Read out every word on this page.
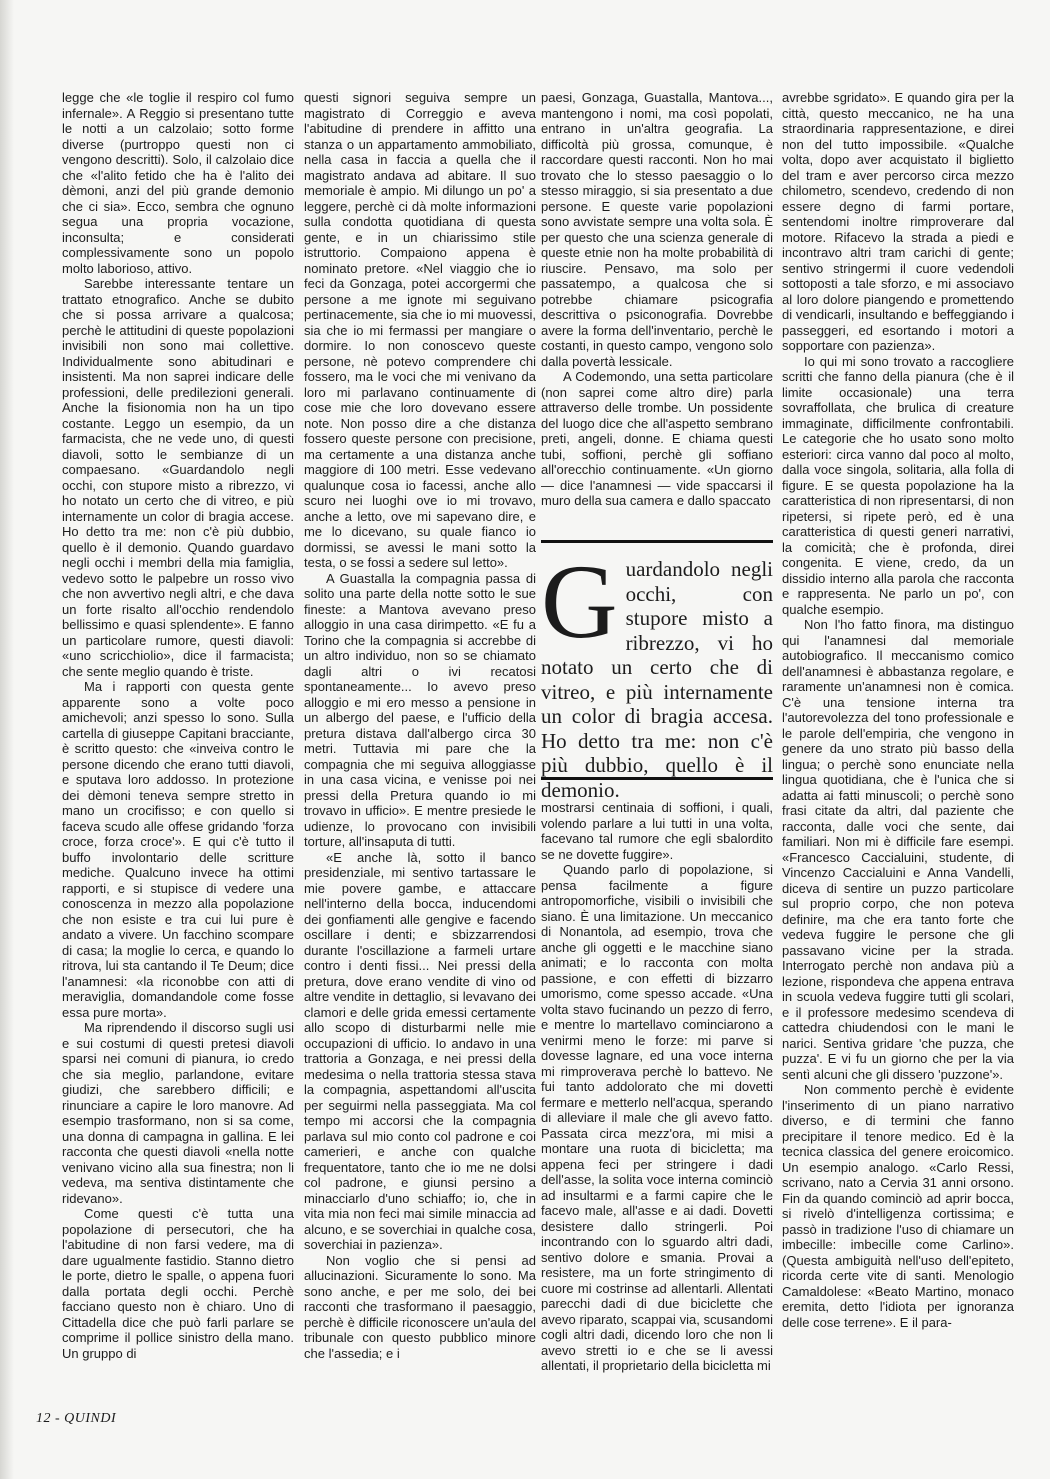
legge che «le toglie il respiro col fumo infernale». A Reggio si presentano tutte le notti a un calzolaio; sotto forme diverse (purtroppo questi non ci vengono descritti). Solo, il calzolaio dice che «l'alito fetido che ha è l'alito dei dèmoni, anzi del più grande demonio che ci sia». Ecco, sembra che ognuno segua una propria vocazione, inconsulta; e considerati complessivamente sono un popolo molto laborioso, attivo.

Sarebbe interessante tentare un trattato etnografico. Anche se dubito che si possa arrivare a qualcosa; perchè le attitudini di queste popolazioni invisibili non sono mai collettive. Individualmente sono abitudinari e insistenti. Ma non saprei indicare delle professioni, delle predilezioni generali. Anche la fisionomia non ha un tipo costante. Leggo un esempio, da un farmacista, che ne vede uno, di questi diavoli, sotto le sembianze di un compaesano. «Guardandolo negli occhi, con stupore misto a ribrezzo, vi ho notato un certo che di vitreo, e più internamente un color di bragia accese. Ho detto tra me: non c'è più dubbio, quello è il demonio. Quando guardavo negli occhi i membri della mia famiglia, vedevo sotto le palpebre un rosso vivo che non avvertivo negli altri, e che dava un forte risalto all'occhio rendendolo bellissimo e quasi splendente». E fanno un particolare rumore, questi diavoli: «uno scricchiolio», dice il farmacista; che sente meglio quando è triste.

Ma i rapporti con questa gente apparente sono a volte poco amichevoli; anzi spesso lo sono. Sulla cartella di giuseppe Capitani bracciante, è scritto questo: che «inveiva contro le persone dicendo che erano tutti diavoli, e sputava loro addosso. In protezione dei dèmoni teneva sempre stretto in mano un crocifisso; e con quello si faceva scudo alle offese gridando 'forza croce, forza croce'». E qui c'è tutto il buffo involontario delle scritture mediche. Qualcuno invece ha ottimi rapporti, e si stupisce di vedere una conoscenza in mezzo alla popolazione che non esiste e tra cui lui pure è andato a vivere. Un facchino scompare di casa; la moglie lo cerca, e quando lo ritrova, lui sta cantando il Te Deum; dice l'anamnesi: «la riconobbe con atti di meraviglia, domandandole come fosse essa pure morta».

Ma riprendendo il discorso sugli usi e sui costumi di questi pretesi diavoli sparsi nei comuni di pianura, io credo che sia meglio, parlandone, evitare giudizi, che sarebbero difficili; e rinunciare a capire le loro manovre. Ad esempio trasformano, non si sa come, una donna di campagna in gallina. E lei racconta che questi diavoli «nella notte venivano vicino alla sua finestra; non li vedeva, ma sentiva distintamente che ridevano».

Come questi c'è tutta una popolazione di persecutori, che ha l'abitudine di non farsi vedere, ma di dare ugualmente fastidio. Stanno dietro le porte, dietro le spalle, o appena fuori dalla portata degli occhi. Perchè facciano questo non è chiaro. Uno di Cittadella dice che può farli parlare se comprime il pollice sinistro della mano. Un gruppo di

questi signori seguiva sempre un magistrato di Correggio e aveva l'abitudine di prendere in affitto una stanza o un appartamento ammobiliato, nella casa in faccia a quella che il magistrato andava ad abitare. Il suo memoriale è ampio. Mi dilungo un po' a leggere, perchè ci dà molte informazioni sulla condotta quotidiana di questa gente, e in un chiarissimo stile istruttorio. Compaiono appena è nominato pretore. «Nel viaggio che io feci da Gonzaga, potei accorgermi che persone a me ignote mi seguivano pertinacemente, sia che io mi muovessi, sia che io mi fermassi per mangiare o dormire. Io non conoscevo queste persone, nè potevo comprendere chi fossero, ma le voci che mi venivano da loro mi parlavano continuamente di cose mie che loro dovevano essere note. Non posso dire a che distanza fossero queste persone con precisione, ma certamente a una distanza anche maggiore di 100 metri. Esse vedevano qualunque cosa io facessi, anche allo scuro nei luoghi ove io mi trovavo, anche a letto, ove mi sapevano dire, e me lo dicevano, su quale fianco io dormissi, se avessi le mani sotto la testa, o se fossi a sedere sul letto».

A Guastalla la compagnia passa di solito una parte della notte sotto le sue fineste: a Mantova avevano preso alloggio in una casa dirimpetto. «E fu a Torino che la compagnia si accrebbe di un altro individuo, non so se chiamato dagli altri o ivi recatosi spontaneamente... Io avevo preso alloggio e mi ero messo a pensione in un albergo del paese, e l'ufficio della pretura distava dall'albergo circa 30 metri. Tuttavia mi pare che la compagnia che mi seguiva alloggiasse in una casa vicina, e venisse poi nei pressi della Pretura quando io mi trovavo in ufficio». E mentre presiede le udienze, lo provocano con invisibili torture, all'insaputa di tutti.

«E anche là, sotto il banco presidenziale, mi sentivo tartassare le mie povere gambe, e attaccare nell'interno della bocca, inducendomi dei gonfiamenti alle gengive e facendo oscillare i denti; e sbizzarrendosi durante l'oscillazione a farmeli urtare contro i denti fissi... Nei pressi della pretura, dove erano vendite di vino od altre vendite in dettaglio, si levavano dei clamori e delle grida emessi certamente allo scopo di disturbarmi nelle mie occupazioni di ufficio. Io andavo in una trattoria a Gonzaga, e nei pressi della medesima o nella trattoria stessa stava la compagnia, aspettandomi all'uscita per seguirmi nella passeggiata. Ma col tempo mi accorsi che la compagnia parlava sul mio conto col padrone e coi camerieri, e anche con qualche frequentatore, tanto che io me ne dolsi col padrone, e giunsi persino a minacciarlo d'uno schiaffo; io, che in vita mia non feci mai simile minaccia ad alcuno, e se soverchiai in qualche cosa, soverchiai in pazienza».

Non voglio che si pensi ad allucinazioni. Sicuramente lo sono. Ma sono anche, e per me solo, dei bei racconti che trasformano il paesaggio, perchè è difficile riconoscere un'aula del tribunale con questo pubblico minore che l'assedia; e i

paesi, Gonzaga, Guastalla, Mantova..., mantengono i nomi, ma così popolati, entrano in un'altra geografia. La difficoltà più grossa, comunque, è raccordare questi racconti. Non ho mai trovato che lo stesso paesaggio o lo stesso miraggio, si sia presentato a due persone. E queste varie popolazioni sono avvistate sempre una volta sola. È per questo che una scienza generale di queste etnie non ha molte probabilità di riuscire. Pensavo, ma solo per passatempo, a qualcosa che si potrebbe chiamare psicografia descrittiva o psiconografia. Dovrebbe avere la forma dell'inventario, perchè le costanti, in questo campo, vengono solo dalla povertà lessicale.

A Codemondo, una setta particolare (non saprei come altro dire) parla attraverso delle trombe. Un possidente del luogo dice che all'aspetto sembrano preti, angeli, donne. E chiama questi tubi, soffioni, perchè gli soffiano all'orecchio continuamente. «Un giorno — dice l'anamnesi — vide spaccarsi il muro della sua camera e dallo spaccato

Guardandolo negli occhi, con stupore misto a ribrezzo, vi ho notato un certo che di vitreo, e più internamente un color di bragia accesa. Ho detto tra me: non c'è più dubbio, quello è il demonio.

mostrarsi centinaia di soffioni, i quali, volendo parlare a lui tutti in una volta, facevano tal rumore che egli sbalordito se ne dovette fuggire».

Quando parlo di popolazione, si pensa facilmente a figure antropomorfiche, visibili o invisibili che siano. È una limitazione. Un meccanico di Nonantola, ad esempio, trova che anche gli oggetti e le macchine siano animati; e lo racconta con molta passione, e con effetti di bizzarro umorismo, come spesso accade. «Una volta stavo fucinando un pezzo di ferro, e mentre lo martellavo cominciarono a venirmi meno le forze: mi parve si dovesse lagnare, ed una voce interna mi rimproverava perchè lo battevo. Ne fui tanto addolorato che mi dovetti fermare e metterlo nell'acqua, sperando di alleviare il male che gli avevo fatto. Passata circa mezz'ora, mi misi a montare una ruota di bicicletta; ma appena feci per stringere i dadi dell'asse, la solita voce interna cominciò ad insultarmi e a farmi capire che le facevo male, all'asse e ai dadi. Dovetti desistere dallo stringerli. Poi incontrando con lo sguardo altri dadi, sentivo dolore e smania. Provai a resistere, ma un forte stringimento di cuore mi costrinse ad allentarli. Allentati parecchi dadi di due biciclette che avevo riparato, scappai via, scusandomi cogli altri dadi, dicendo loro che non li avevo stretti io e che se li avessi allentati, il proprietario della bicicletta mi

avrebbe sgridato». E quando gira per la città, questo meccanico, ne ha una straordinaria rappresentazione, e direi non del tutto impossibile. «Qualche volta, dopo aver acquistato il biglietto del tram e aver percorso circa mezzo chilometro, scendevo, credendo di non essere degno di farmi portare, sentendomi inoltre rimproverare dal motore. Rifacevo la strada a piedi e incontravo altri tram carichi di gente; sentivo stringermi il cuore vedendoli sottoposti a tale sforzo, e mi associavo al loro dolore piangendo e promettendo di vendicarli, insultando e beffeggiando i passeggeri, ed esortando i motori a sopportare con pazienza».

Io qui mi sono trovato a raccogliere scritti che fanno della pianura (che è il limite occasionale) una terra sovraffollata, che brulica di creature immaginate, difficilmente confrontabili. Le categorie che ho usato sono molto esteriori: circa vanno dal poco al molto, dalla voce singola, solitaria, alla folla di figure. E se questa popolazione ha la caratteristica di non ripresentarsi, di non ripetersi, si ripete però, ed è una caratteristica di questi generi narrativi, la comicità; che è profonda, direi congenita. E viene, credo, da un dissidio interno alla parola che racconta e rappresenta. Ne parlo un po', con qualche esempio.

Non l'ho fatto finora, ma distinguo qui l'anamnesi dal memoriale autobiografico. Il meccanismo comico dell'anamnesi è abbastanza regolare, e raramente un'anamnesi non è comica. C'è una tensione interna tra l'autorevolezza del tono professionale e le parole dell'empiria, che vengono in genere da uno strato più basso della lingua; o perchè sono enunciate nella lingua quotidiana, che è l'unica che si adatta ai fatti minuscoli; o perchè sono frasi citate da altri, dal paziente che racconta, dalle voci che sente, dai familiari. Non mi è difficile fare esempi. «Francesco Caccialuini, studente, di Vincenzo Caccialuini e Anna Vandelli, diceva di sentire un puzzo particolare sul proprio corpo, che non poteva definire, ma che era tanto forte che vedeva fuggire le persone che gli passavano vicine per la strada. Interrogato perchè non andava più a lezione, rispondeva che appena entrava in scuola vedeva fuggire tutti gli scolari, e il professore medesimo scendeva di cattedra chiudendosi con le mani le narici. Sentiva gridare 'che puzza, che puzza'. E vi fu un giorno che per la via sentì alcuni che gli dissero 'puzzone'».

Non commento perchè è evidente l'inserimento di un piano narrativo diverso, e di termini che fanno precipitare il tenore medico. Ed è la tecnica classica del genere eroicomico. Un esempio analogo. «Carlo Ressi, scrivano, nato a Cervia 31 anni orsono. Fin da quando cominciò ad aprir bocca, si rivelò d'intelligenza cortissima; e passò in tradizione l'uso di chiamare un imbecille: imbecille come Carlino». (Questa ambiguità nell'uso dell'epiteto, ricorda certe vite di santi. Menologio Camaldolese: «Beato Martino, monaco eremita, detto l'idiota per ignoranza delle cose terrene». E il para-

12 - QUINDI
